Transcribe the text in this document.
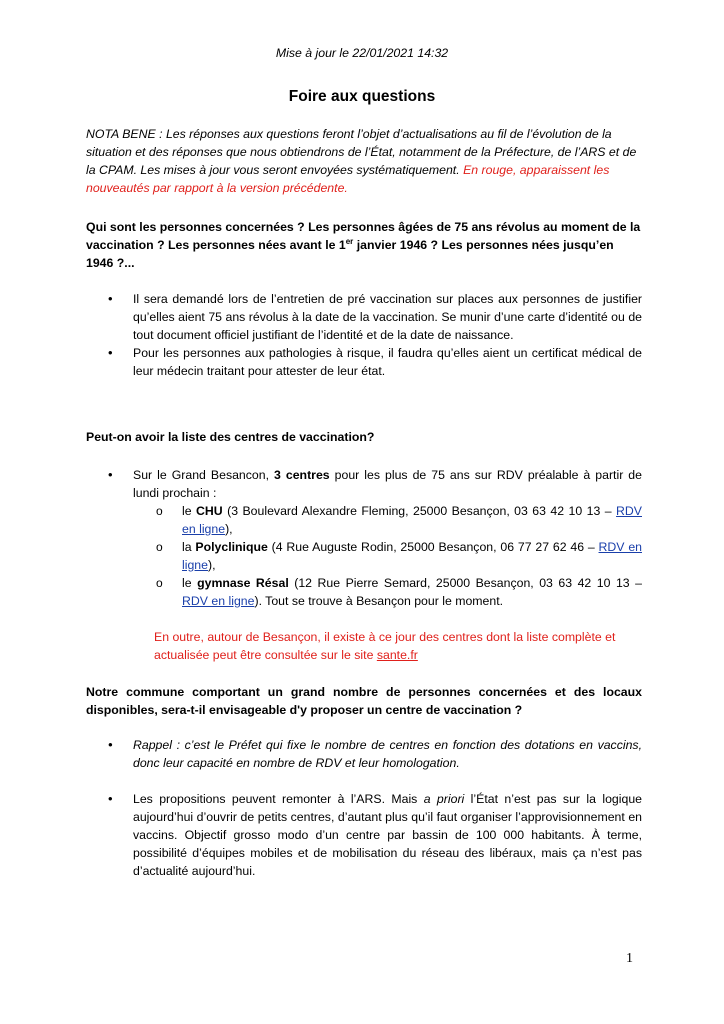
Mise à jour le 22/01/2021 14:32
Foire aux questions
NOTA BENE : Les réponses aux questions feront l’objet d’actualisations au fil de l’évolution de la situation et des réponses que nous obtiendrons de l’État, notamment de la Préfecture, de l’ARS et de la CPAM. Les mises à jour vous seront envoyées systématiquement. En rouge, apparaissent les nouveautés par rapport à la version précédente.
Qui sont les personnes concernées ? Les personnes âgées de 75 ans révolus au moment de la vaccination ? Les personnes nées avant le 1er janvier 1946 ? Les personnes nées jusqu’en 1946 ?...
• Il sera demandé lors de l’entretien de pré vaccination sur places aux personnes de justifier qu’elles aient 75 ans révolus à la date de la vaccination. Se munir d’une carte d’identité ou de tout document officiel justifiant de l’identité et de la date de naissance.
• Pour les personnes aux pathologies à risque, il faudra qu’elles aient un certificat médical de leur médecin traitant pour attester de leur état.
Peut-on avoir la liste des centres de vaccination?
• Sur le Grand Besancon, 3 centres pour les plus de 75 ans sur RDV préalable à partir de lundi prochain :
o le CHU (3 Boulevard Alexandre Fleming, 25000 Besançon, 03 63 42 10 13 – RDV en ligne),
o la Polyclinique (4 Rue Auguste Rodin, 25000 Besançon, 06 77 27 62 46 – RDV en ligne),
o le gymnase Résal (12 Rue Pierre Semard, 25000 Besançon, 03 63 42 10 13 – RDV en ligne). Tout se trouve à Besançon pour le moment.
En outre, autour de Besançon, il existe à ce jour des centres dont la liste complète et actualisée peut être consultée sur le site sante.fr
Notre commune comportant un grand nombre de personnes concernées et des locaux disponibles, sera-t-il envisageable d'y proposer un centre de vaccination ?
• Rappel : c’est le Préfet qui fixe le nombre de centres en fonction des dotations en vaccins, donc leur capacité en nombre de RDV et leur homologation.
• Les propositions peuvent remonter à l’ARS. Mais a priori l’État n’est pas sur la logique aujourd’hui d’ouvrir de petits centres, d’autant plus qu’il faut organiser l’approvisionnement en vaccins. Objectif grosso modo d’un centre par bassin de 100 000 habitants. À terme, possibilité d’équipes mobiles et de mobilisation du réseau des libéraux, mais ça n’est pas d’actualité aujourd’hui.
1
